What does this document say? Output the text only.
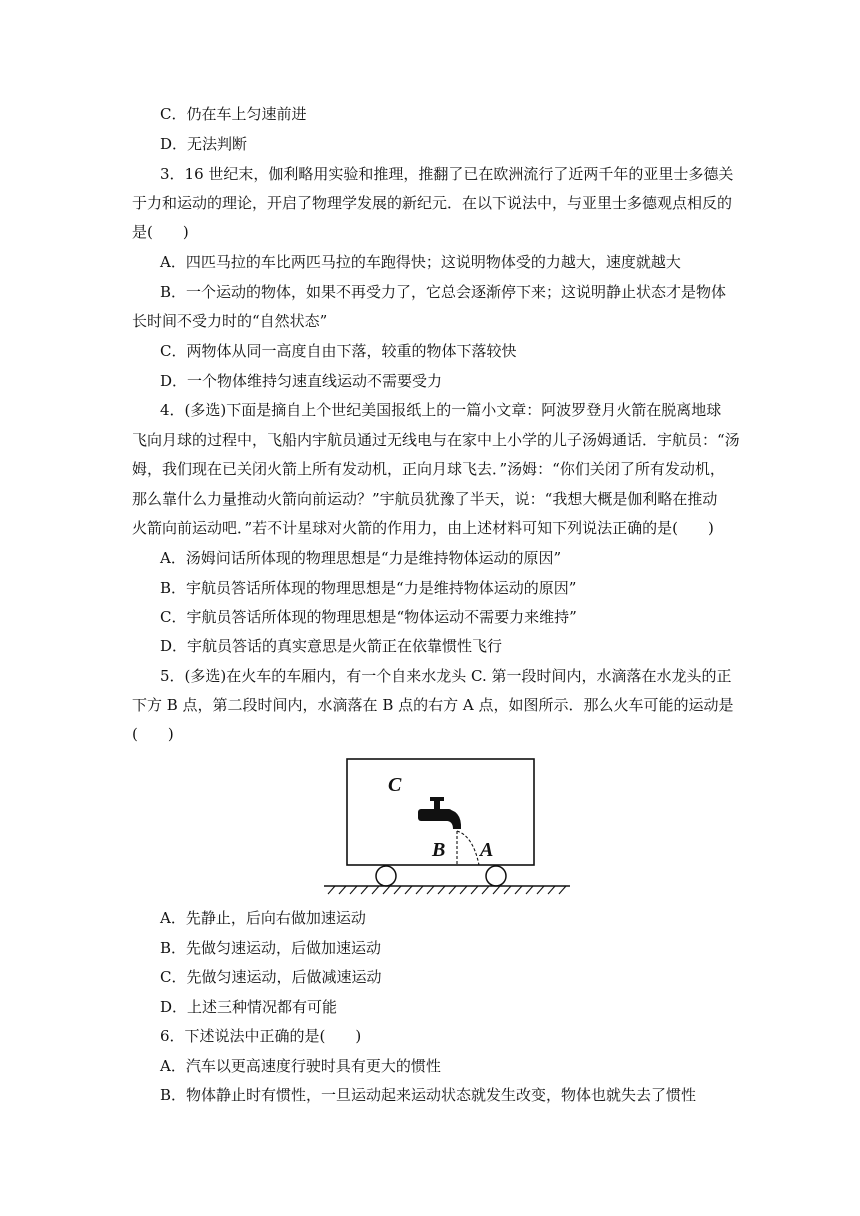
C．仍在车上匀速前进
D．无法判断
3．16 世纪末，伽利略用实验和推理，推翻了已在欧洲流行了近两千年的亚里士多德关
于力和运动的理论，开启了物理学发展的新纪元．在以下说法中，与亚里士多德观点相反的
是(　　)
A．四匹马拉的车比两匹马拉的车跑得快；这说明物体受的力越大，速度就越大
B．一个运动的物体，如果不再受力了，它总会逐渐停下来；这说明静止状态才是物体
长时间不受力时的“自然状态”
C．两物体从同一高度自由下落，较重的物体下落较快
D．一个物体维持匀速直线运动不需要受力
4．(多选)下面是摘自上个世纪美国报纸上的一篇小文章：阿波罗登月火箭在脱离地球
飞向月球的过程中，飞船内宇航员通过无线电与在家中上小学的儿子汤姆通话．宇航员：“汤
姆，我们现在已关闭火箭上所有发动机，正向月球飞去．”汤姆：“你们关闭了所有发动机，
那么靠什么力量推动火箭向前运动？”宇航员犹豫了半天，说：“我想大概是伽利略在推动
火箭向前运动吧．”若不计星球对火箭的作用力，由上述材料可知下列说法正确的是(　　)
A．汤姆问话所体现的物理思想是“力是维持物体运动的原因”
B．宇航员答话所体现的物理思想是“力是维持物体运动的原因”
C．宇航员答话所体现的物理思想是“物体运动不需要力来维持”
D．宇航员答话的真实意思是火箭正在依靠惯性飞行
5．(多选)在火车的车厢内，有一个自来水龙头 C. 第一段时间内，水滴落在水龙头的正
下方 B 点，第二段时间内，水滴落在 B 点的右方 A 点，如图所示．那么火车可能的运动是
(　　)
C
B A
A．先静止，后向右做加速运动
B．先做匀速运动，后做加速运动
C．先做匀速运动，后做减速运动
D．上述三种情况都有可能
6．下述说法中正确的是(　　)
A．汽车以更高速度行驶时具有更大的惯性
B．物体静止时有惯性，一旦运动起来运动状态就发生改变，物体也就失去了惯性
